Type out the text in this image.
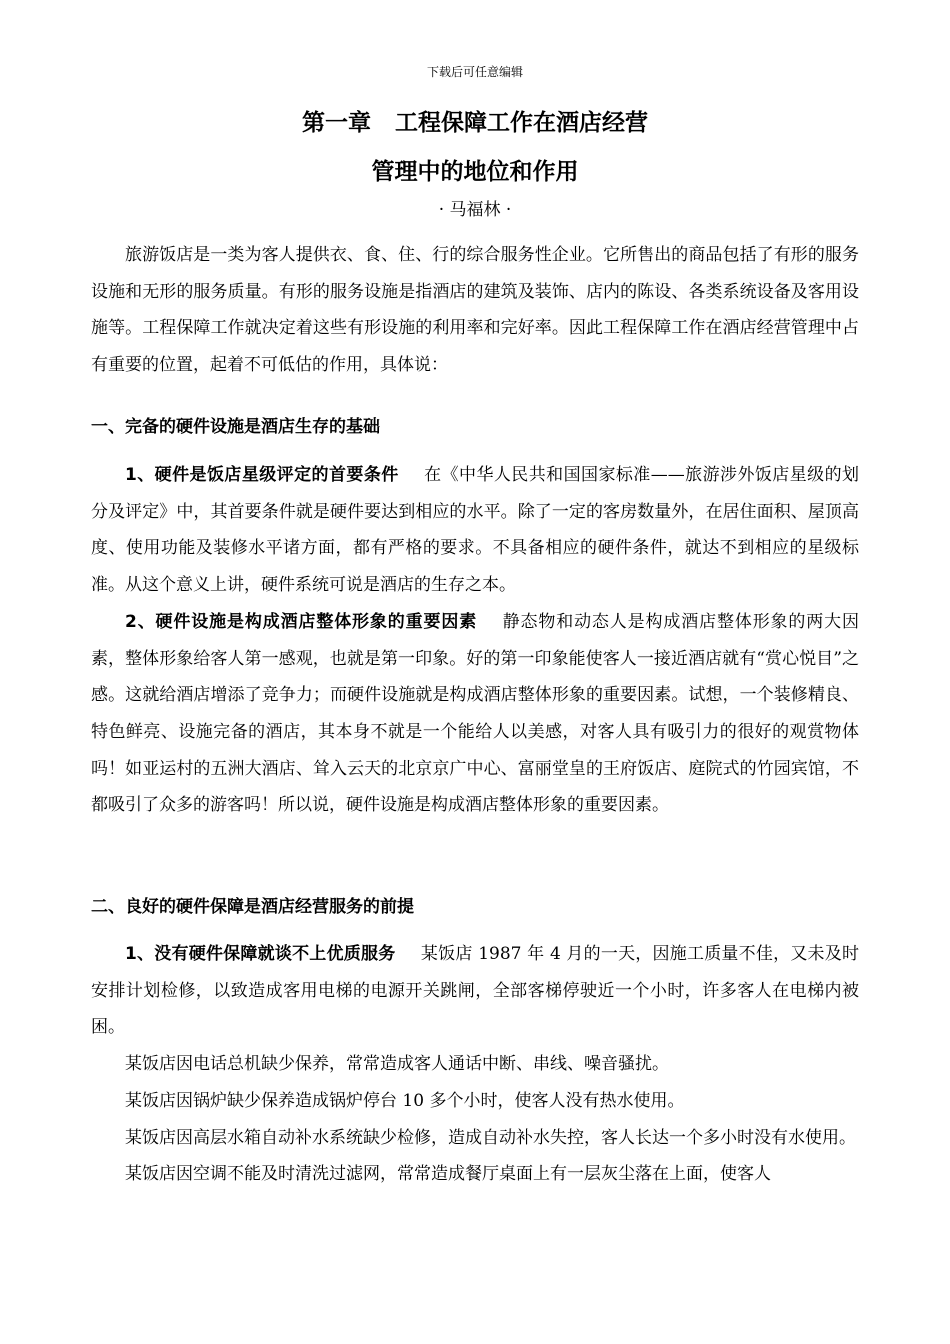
下载后可任意编辑
第一章   工程保障工作在酒店经营
管理中的地位和作用
· 马福林 ·

旅游饭店是一类为客人提供衣、食、住、行的综合服务性企业。它所售出的商品包括了有形的服务设施和无形的服务质量。有形的服务设施是指酒店的建筑及装饰、店内的陈设、各类系统设备及客用设施等。工程保障工作就决定着这些有形设施的利用率和完好率。因此工程保障工作在酒店经营管理中占有重要的位置，起着不可低估的作用，具体说：

一、完备的硬件设施是酒店生存的基础

1、硬件是饭店星级评定的首要条件 在《中华人民共和国国家标准——旅游涉外饭店星级的划分及评定》中，其首要条件就是硬件要达到相应的水平。除了一定的客房数量外，在居住面积、屋顶高度、使用功能及装修水平诸方面，都有严格的要求。不具备相应的硬件条件，就达不到相应的星级标准。从这个意义上讲，硬件系统可说是酒店的生存之本。

2、硬件设施是构成酒店整体形象的重要因素 静态物和动态人是构成酒店整体形象的两大因素，整体形象给客人第一感观，也就是第一印象。好的第一印象能使客人一接近酒店就有“赏心悦目”之感。这就给酒店增添了竞争力；而硬件设施就是构成酒店整体形象的重要因素。试想，一个装修精良、特色鲜亮、设施完备的酒店，其本身不就是一个能给人以美感，对客人具有吸引力的很好的观赏物体吗！如亚运村的五洲大酒店、耸入云天的北京京广中心、富丽堂皇的王府饭店、庭院式的竹园宾馆，不都吸引了众多的游客吗！所以说，硬件设施是构成酒店整体形象的重要因素。

二、良好的硬件保障是酒店经营服务的前提

1、没有硬件保障就谈不上优质服务 某饭店 1987 年 4 月的一天，因施工质量不佳，又未及时安排计划检修，以致造成客用电梯的电源开关跳闸，全部客梯停驶近一个小时，许多客人在电梯内被困。

某饭店因电话总机缺少保养，常常造成客人通话中断、串线、噪音骚扰。

某饭店因锅炉缺少保养造成锅炉停台 10 多个小时，使客人没有热水使用。

某饭店因高层水箱自动补水系统缺少检修，造成自动补水失控，客人长达一个多小时没有水使用。

某饭店因空调不能及时清洗过滤网，常常造成餐厅桌面上有一层灰尘落在上面，使客人
